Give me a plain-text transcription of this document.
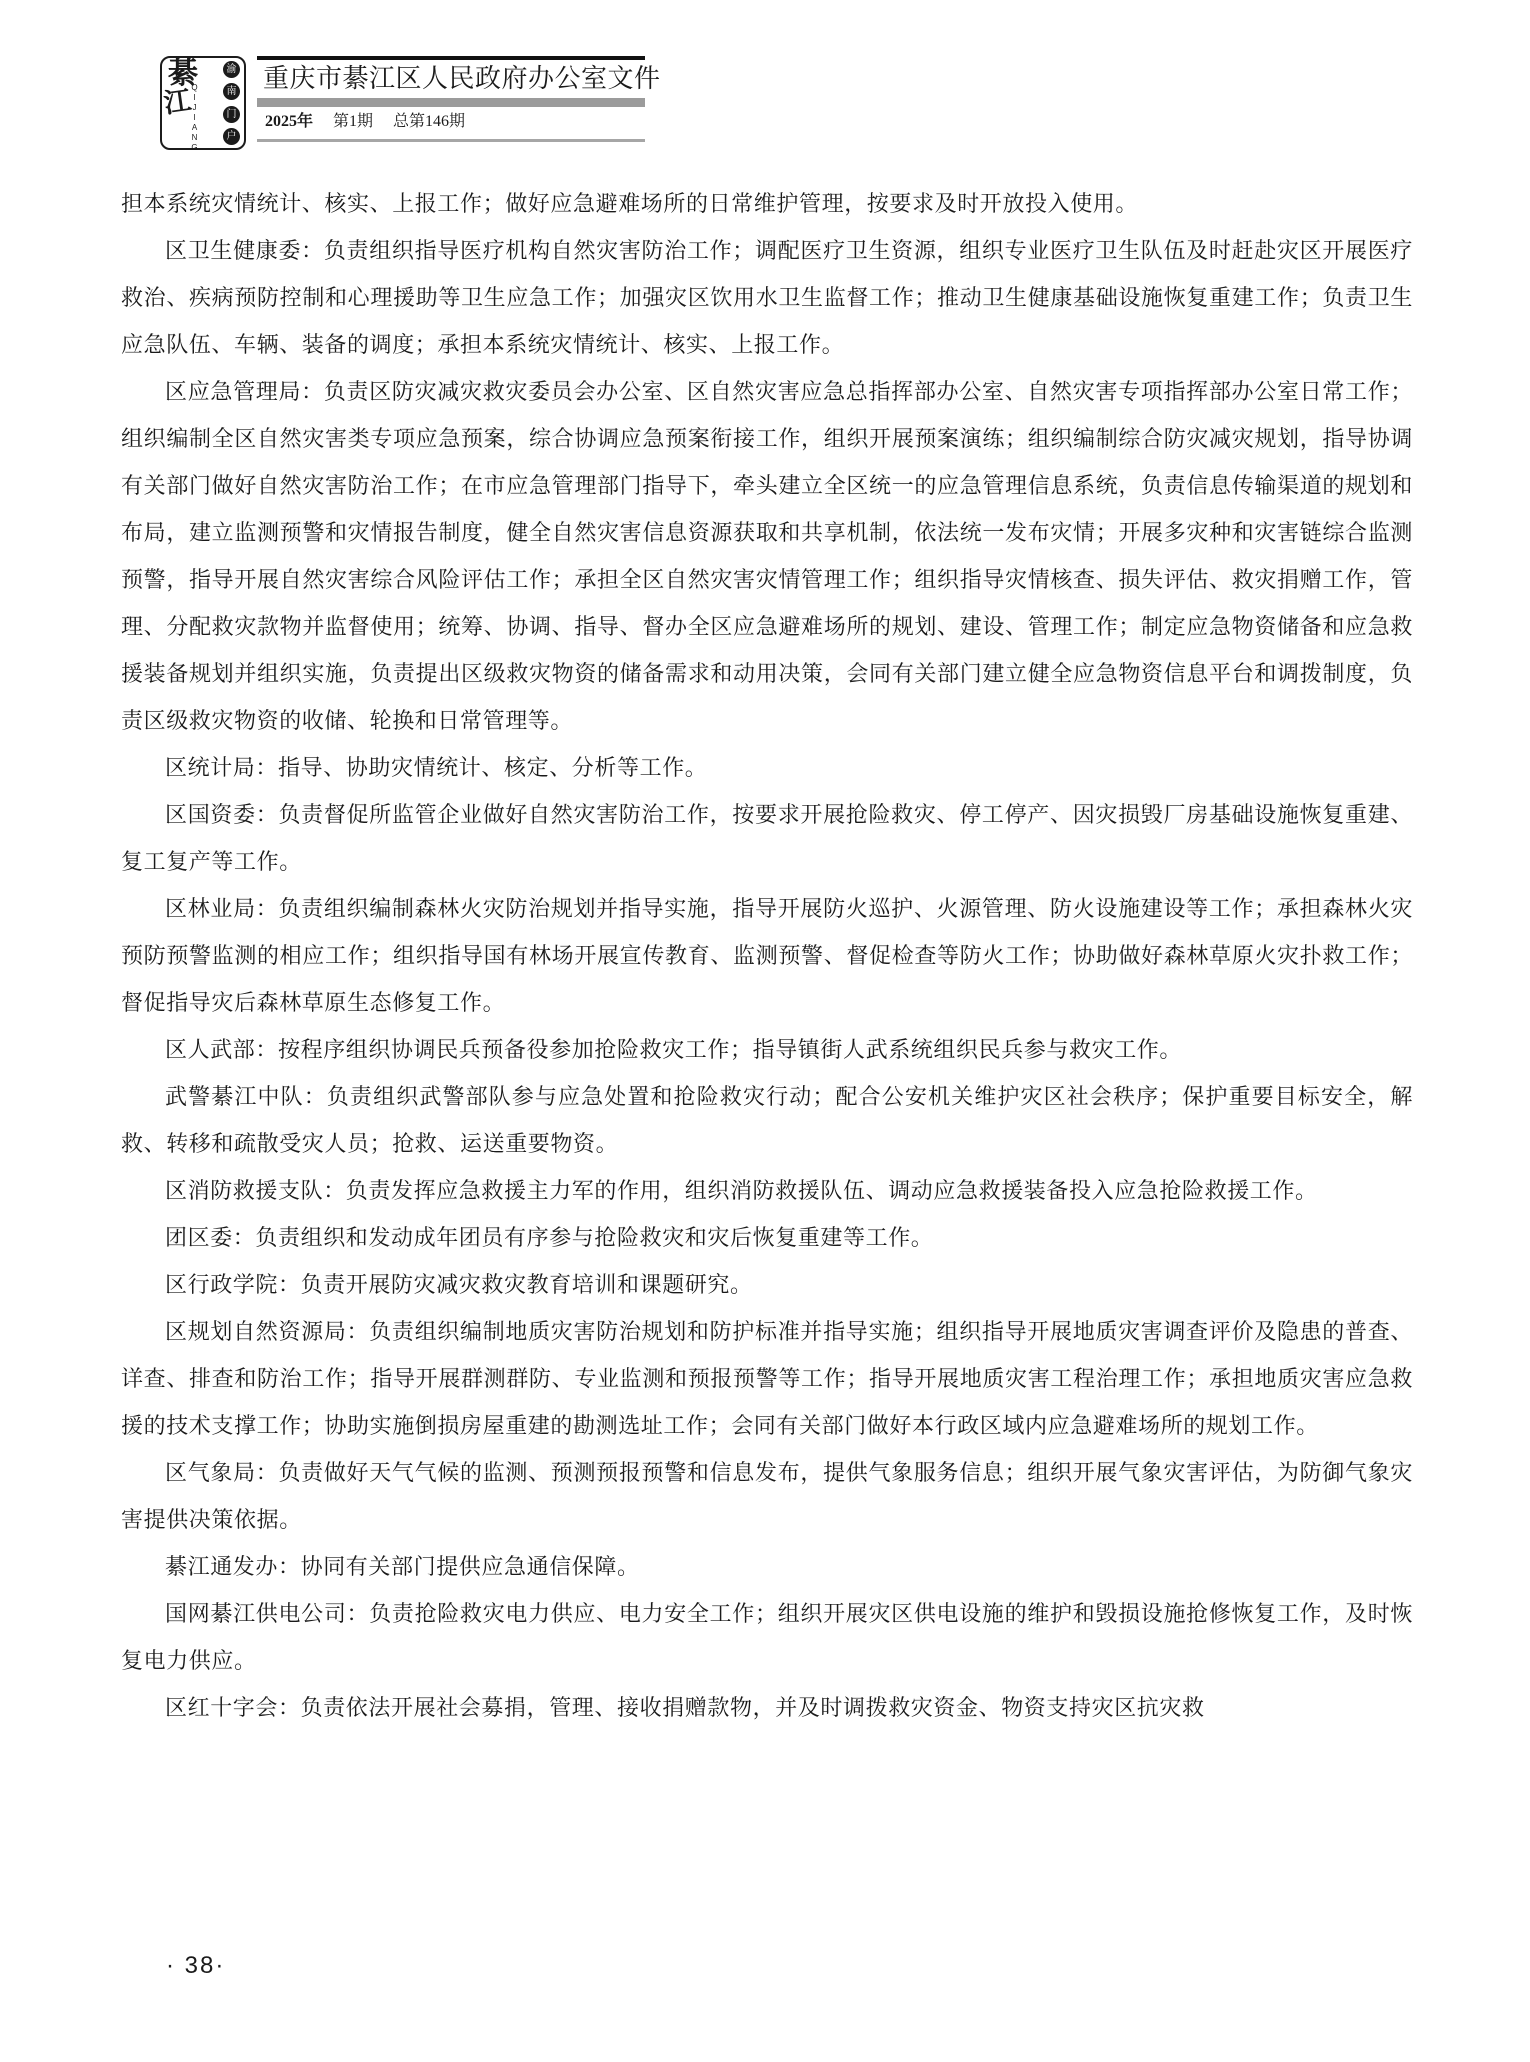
綦
江
QIJIANG
渝
南
门
户
重庆市綦江区人民政府办公室文件
2025年 第1期 总第146期

担本系统灾情统计、核实、上报工作；做好应急避难场所的日常维护管理，按要求及时开放投入使用。

区卫生健康委：负责组织指导医疗机构自然灾害防治工作；调配医疗卫生资源，组织专业医疗卫生队伍及时赶赴灾区开展医疗救治、疾病预防控制和心理援助等卫生应急工作；加强灾区饮用水卫生监督工作；推动卫生健康基础设施恢复重建工作；负责卫生应急队伍、车辆、装备的调度；承担本系统灾情统计、核实、上报工作。

区应急管理局：负责区防灾减灾救灾委员会办公室、区自然灾害应急总指挥部办公室、自然灾害专项指挥部办公室日常工作；组织编制全区自然灾害类专项应急预案，综合协调应急预案衔接工作，组织开展预案演练；组织编制综合防灾减灾规划，指导协调有关部门做好自然灾害防治工作；在市应急管理部门指导下，牵头建立全区统一的应急管理信息系统，负责信息传输渠道的规划和布局，建立监测预警和灾情报告制度，健全自然灾害信息资源获取和共享机制，依法统一发布灾情；开展多灾种和灾害链综合监测预警，指导开展自然灾害综合风险评估工作；承担全区自然灾害灾情管理工作；组织指导灾情核查、损失评估、救灾捐赠工作，管理、分配救灾款物并监督使用；统筹、协调、指导、督办全区应急避难场所的规划、建设、管理工作；制定应急物资储备和应急救援装备规划并组织实施，负责提出区级救灾物资的储备需求和动用决策，会同有关部门建立健全应急物资信息平台和调拨制度，负责区级救灾物资的收储、轮换和日常管理等。

区统计局：指导、协助灾情统计、核定、分析等工作。

区国资委：负责督促所监管企业做好自然灾害防治工作，按要求开展抢险救灾、停工停产、因灾损毁厂房基础设施恢复重建、复工复产等工作。

区林业局：负责组织编制森林火灾防治规划并指导实施，指导开展防火巡护、火源管理、防火设施建设等工作；承担森林火灾预防预警监测的相应工作；组织指导国有林场开展宣传教育、监测预警、督促检查等防火工作；协助做好森林草原火灾扑救工作；督促指导灾后森林草原生态修复工作。

区人武部：按程序组织协调民兵预备役参加抢险救灾工作；指导镇街人武系统组织民兵参与救灾工作。

武警綦江中队：负责组织武警部队参与应急处置和抢险救灾行动；配合公安机关维护灾区社会秩序；保护重要目标安全，解救、转移和疏散受灾人员；抢救、运送重要物资。

区消防救援支队：负责发挥应急救援主力军的作用，组织消防救援队伍、调动应急救援装备投入应急抢险救援工作。

团区委：负责组织和发动成年团员有序参与抢险救灾和灾后恢复重建等工作。

区行政学院：负责开展防灾减灾救灾教育培训和课题研究。

区规划自然资源局：负责组织编制地质灾害防治规划和防护标准并指导实施；组织指导开展地质灾害调查评价及隐患的普查、详查、排查和防治工作；指导开展群测群防、专业监测和预报预警等工作；指导开展地质灾害工程治理工作；承担地质灾害应急救援的技术支撑工作；协助实施倒损房屋重建的勘测选址工作；会同有关部门做好本行政区域内应急避难场所的规划工作。

区气象局：负责做好天气气候的监测、预测预报预警和信息发布，提供气象服务信息；组织开展气象灾害评估，为防御气象灾害提供决策依据。

綦江通发办：协同有关部门提供应急通信保障。

国网綦江供电公司：负责抢险救灾电力供应、电力安全工作；组织开展灾区供电设施的维护和毁损设施抢修恢复工作，及时恢复电力供应。

区红十字会：负责依法开展社会募捐，管理、接收捐赠款物，并及时调拨救灾资金、物资支持灾区抗灾救

· 38·
